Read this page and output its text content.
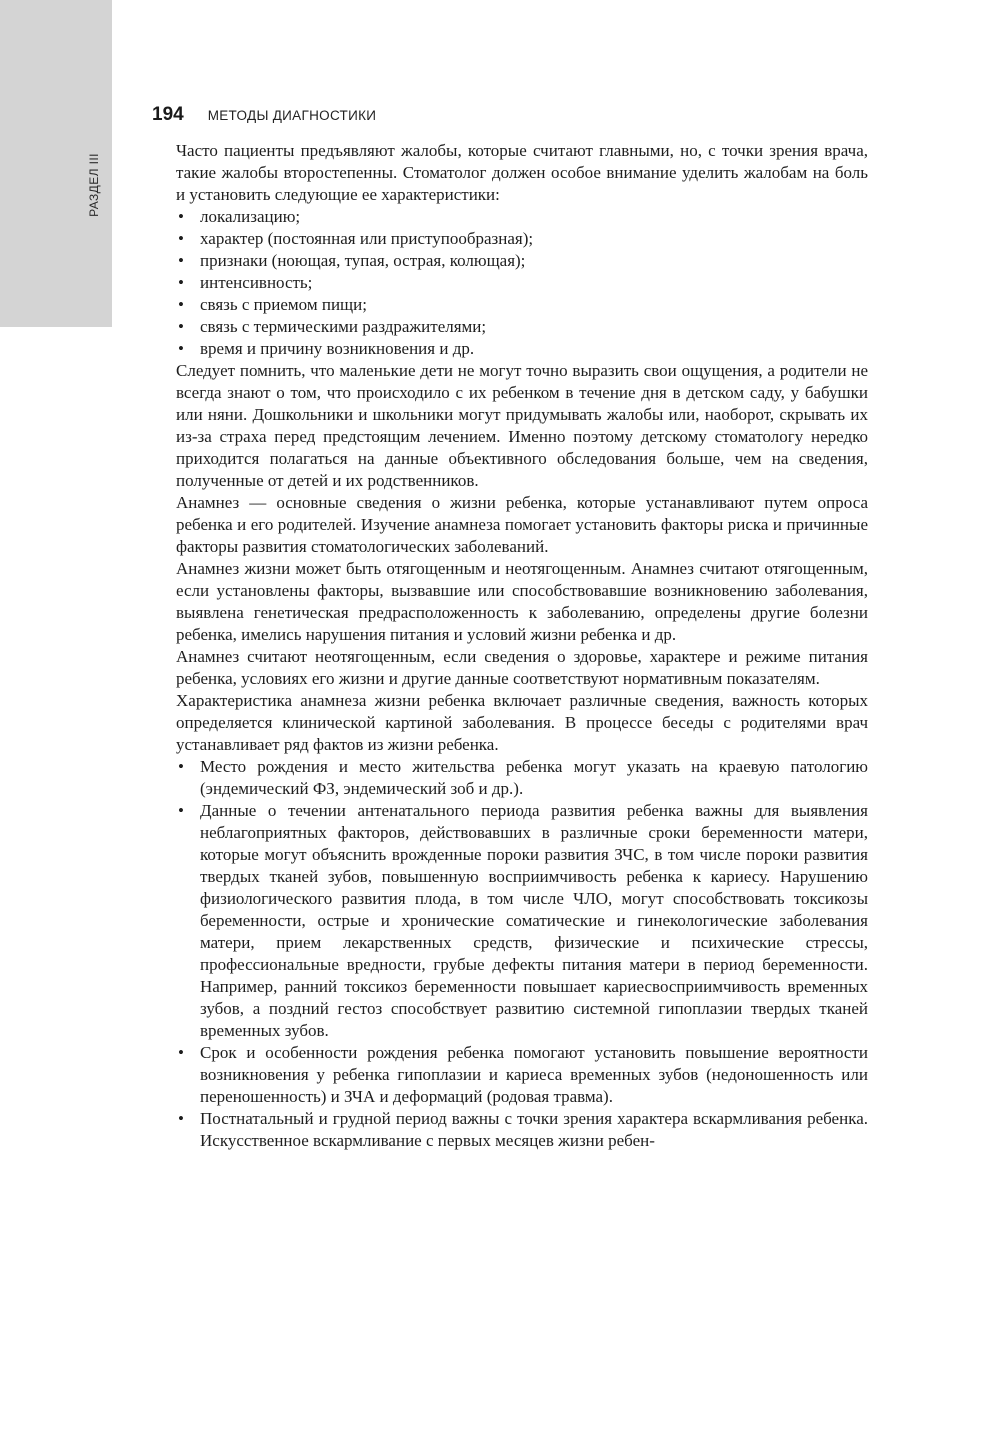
РАЗДЕЛ III
194 МЕТОДЫ ДИАГНОСТИКИ

Часто пациенты предъявляют жалобы, которые считают главными, но, с точки зрения врача, такие жалобы второстепенны. Стоматолог должен особое внимание уделить жалобам на боль и установить следующие ее характеристики:

• локализацию;
• характер (постоянная или приступообразная);
• признаки (ноющая, тупая, острая, колющая);
• интенсивность;
• связь с приемом пищи;
• связь с термическими раздражителями;
• время и причину возникновения и др.

Следует помнить, что маленькие дети не могут точно выразить свои ощущения, а родители не всегда знают о том, что происходило с их ребенком в течение дня в детском саду, у бабушки или няни. Дошкольники и школьники могут придумывать жалобы или, наоборот, скрывать их из-за страха перед предстоящим лечением. Именно поэтому детскому стоматологу нередко приходится полагаться на данные объективного обследования больше, чем на сведения, полученные от детей и их родственников.

Анамнез — основные сведения о жизни ребенка, которые устанавливают путем опроса ребенка и его родителей. Изучение анамнеза помогает установить факторы риска и причинные факторы развития стоматологических заболеваний.

Анамнез жизни может быть отягощенным и неотягощенным. Анамнез считают отягощенным, если установлены факторы, вызвавшие или способствовавшие возникновению заболевания, выявлена генетическая предрасположенность к заболеванию, определены другие болезни ребенка, имелись нарушения питания и условий жизни ребенка и др.

Анамнез считают неотягощенным, если сведения о здоровье, характере и режиме питания ребенка, условиях его жизни и другие данные соответствуют нормативным показателям.

Характеристика анамнеза жизни ребенка включает различные сведения, важность которых определяется клинической картиной заболевания. В процессе беседы с родителями врач устанавливает ряд фактов из жизни ребенка.

• Место рождения и место жительства ребенка могут указать на краевую патологию (эндемический ФЗ, эндемический зоб и др.).
• Данные о течении антенатального периода развития ребенка важны для выявления неблагоприятных факторов, действовавших в различные сроки беременности матери, которые могут объяснить врожденные пороки развития ЗЧС, в том числе пороки развития твердых тканей зубов, повышенную восприимчивость ребенка к кариесу. Нарушению физиологического развития плода, в том числе ЧЛО, могут способствовать токсикозы беременности, острые и хронические соматические и гинекологические заболевания матери, прием лекарственных средств, физические и психические стрессы, профессиональные вредности, грубые дефекты питания матери в период беременности. Например, ранний токсикоз беременности повышает кариесвосприимчивость временных зубов, а поздний гестоз способствует развитию системной гипоплазии твердых тканей временных зубов.
• Срок и особенности рождения ребенка помогают установить повышение вероятности возникновения у ребенка гипоплазии и кариеса временных зубов (недоношенность или переношенность) и ЗЧА и деформаций (родовая травма).
• Постнатальный и грудной период важны с точки зрения характера вскармливания ребенка. Искусственное вскармливание с первых месяцев жизни ребен-
